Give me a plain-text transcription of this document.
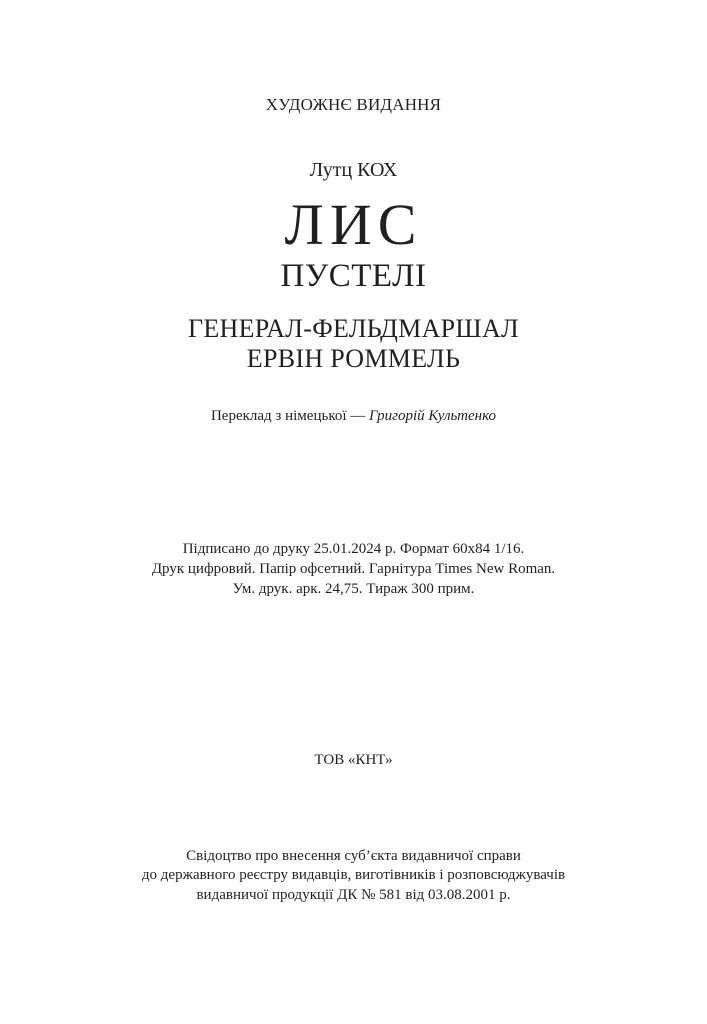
ХУДОЖНЄ ВИДАННЯ
Лутц КОХ
ЛИС
ПУСТЕЛІ
ГЕНЕРАЛ-ФЕЛЬДМАРШАЛ
ЕРВІН РОММЕЛЬ
Переклад з німецької — Григорій Культенко
Підписано до друку 25.01.2024 р. Формат 60х84 1/16.
Друк цифровий. Папір офсетний. Гарнітура Times New Roman.
Ум. друк. арк. 24,75. Тираж 300 прим.
ТОВ «КНТ»
Свідоцтво про внесення суб’єкта видавничої справи
до державного реєстру видавців, виготівників і розповсюджувачів
видавничої продукції ДК № 581 від 03.08.2001 р.
